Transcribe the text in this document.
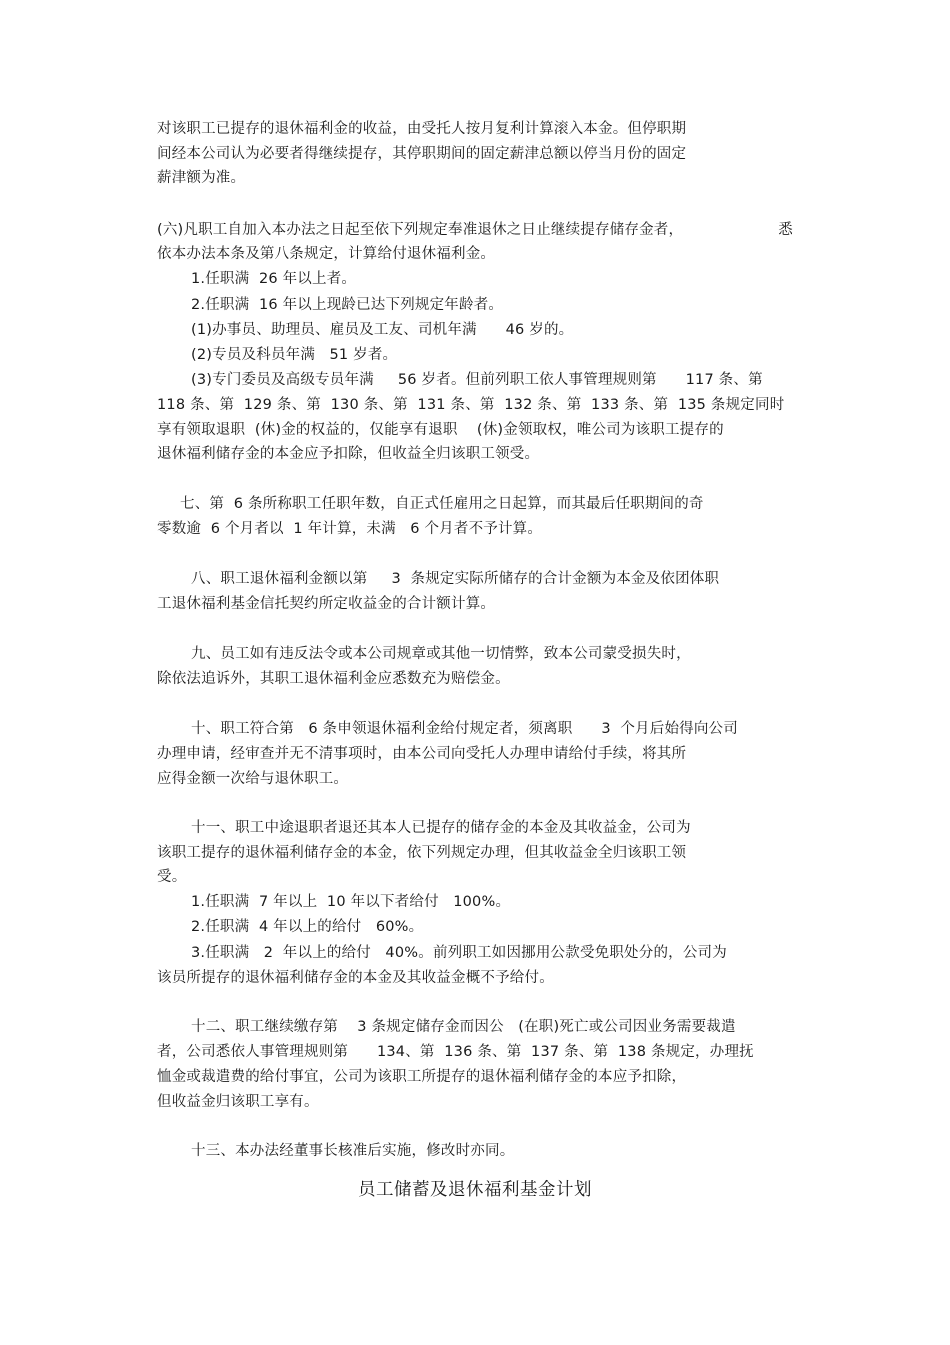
对该职工已提存的退休福利金的收益，由受托人按月复利计算滚入本金。但停职期
间经本公司认为必要者得继续提存，其停职期间的固定薪津总额以停当月份的固定
薪津额为准。
(六)凡职工自加入本办法之日起至依下列规定奉准退休之日止继续提存储存金者，	悉
依本办法本条及第八条规定，计算给付退休福利金。
1.任职满  26 年以上者。
2.任职满  16 年以上现龄已达下列规定年龄者。
(1)办事员、助理员、雇员及工友、司机年满      46 岁的。
(2)专员及科员年满   51 岁者。
(3)专门委员及高级专员年满     56 岁者。但前列职工依人事管理规则第      117 条、第
118 条、第  129 条、第  130 条、第  131 条、第  132 条、第  133 条、第  135 条规定同时
享有领取退职  (休)金的权益的，仅能享有退职    (休)金领取权，唯公司为该职工提存的
退休福利储存金的本金应予扣除，但收益全归该职工领受。
七、第  6 条所称职工任职年数，自正式任雇用之日起算，而其最后任职期间的奇
零数逾  6 个月者以  1 年计算，未满   6 个月者不予计算。
八、职工退休福利金额以第     3  条规定实际所储存的合计金额为本金及依团体职
工退休福利基金信托契约所定收益金的合计额计算。
九、员工如有违反法令或本公司规章或其他一切情弊，致本公司蒙受损失时，
除依法追诉外，其职工退休福利金应悉数充为赔偿金。
十、职工符合第   6 条申领退休福利金给付规定者，须离职      3  个月后始得向公司
办理申请，经审查并无不清事项时，由本公司向受托人办理申请给付手续，将其所
应得金额一次给与退休职工。
十一、职工中途退职者退还其本人已提存的储存金的本金及其收益金，公司为
该职工提存的退休福利储存金的本金，依下列规定办理，但其收益金全归该职工领
受。
1.任职满  7 年以上  10 年以下者给付   100%。
2.任职满  4 年以上的给付   60%。
3.任职满   2  年以上的给付   40%。前列职工如因挪用公款受免职处分的，公司为
该员所提存的退休福利储存金的本金及其收益金概不予给付。
十二、职工继续缴存第    3 条规定储存金而因公   (在职)死亡或公司因业务需要裁遣
者，公司悉依人事管理规则第      134、第  136 条、第  137 条、第  138 条规定，办理抚
恤金或裁遣费的给付事宜，公司为该职工所提存的退休福利储存金的本应予扣除，
但收益金归该职工享有。
十三、本办法经董事长核准后实施，修改时亦同。
员工储蓄及退休福利基金计划
